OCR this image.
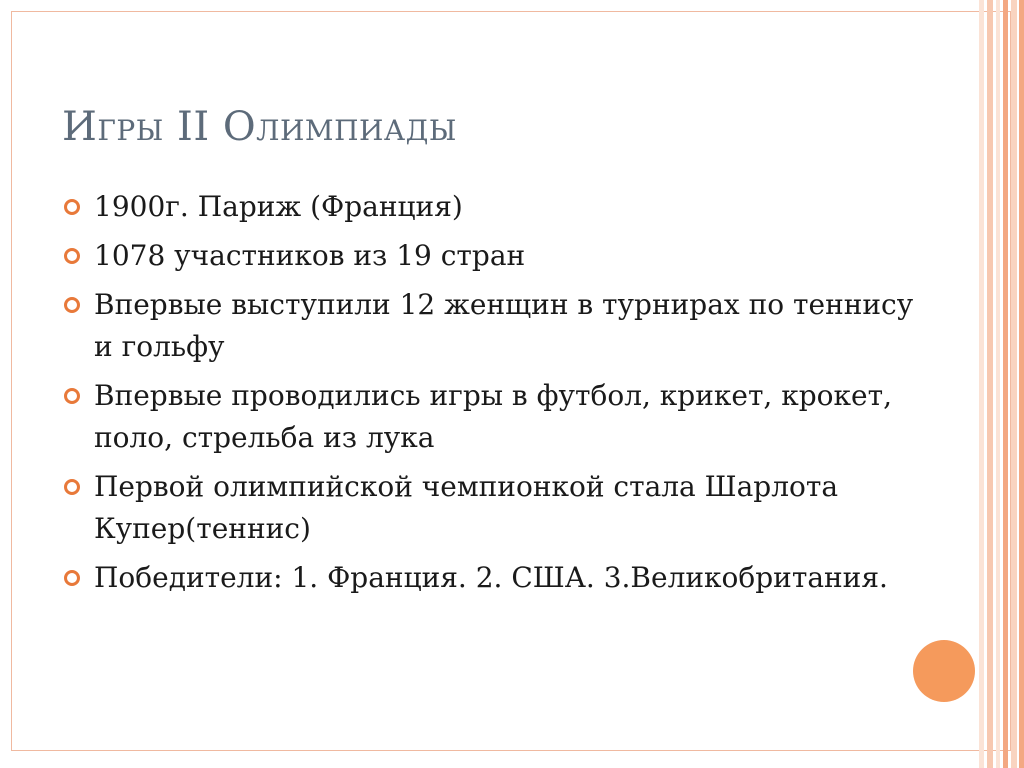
Игры II Олимпиады
1900г. Париж (Франция)
1078 участников из 19 стран
Впервые выступили 12 женщин в турнирах по теннису и гольфу
Впервые проводились игры в футбол, крикет, крокет, поло, стрельба из лука
Первой олимпийской чемпионкой стала Шарлота Купер(теннис)
Победители: 1. Франция. 2. США. 3.Великобритания.
